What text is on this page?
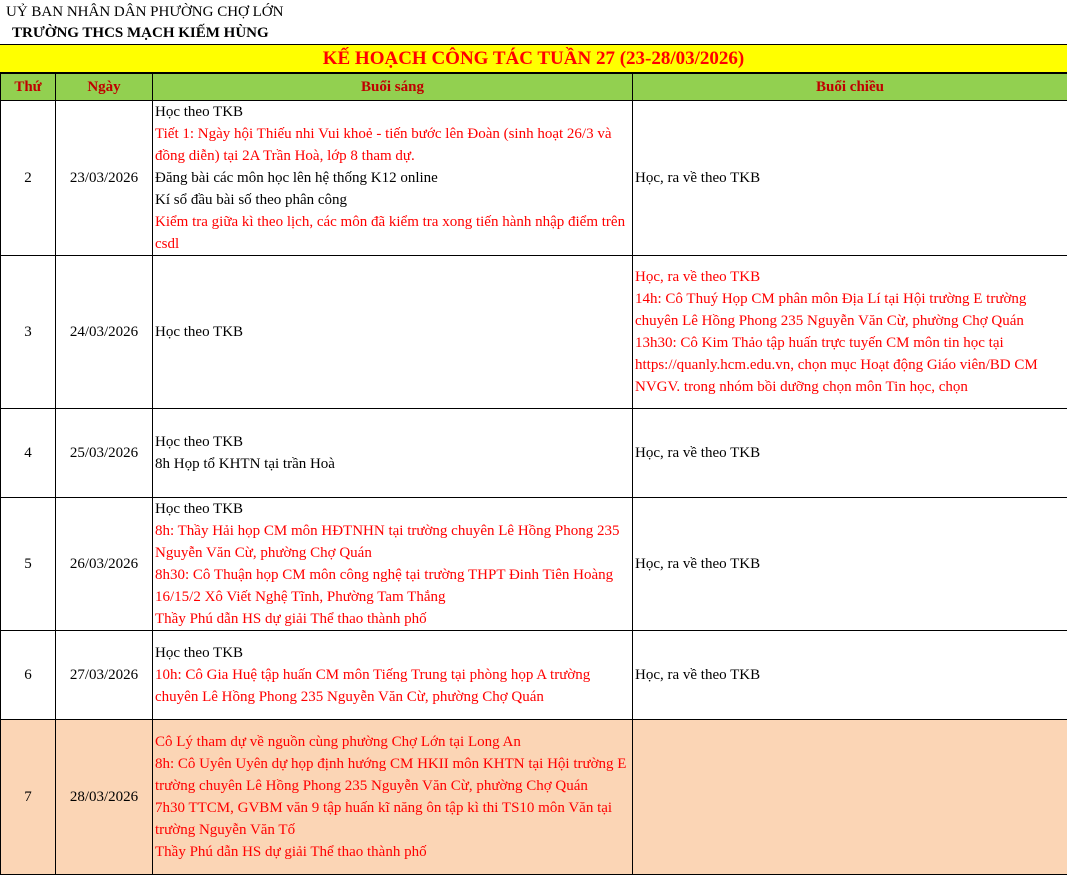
UỶ BAN NHÂN DÂN PHƯỜNG CHỢ LỚN
TRƯỜNG THCS MẠCH KIẾM HÙNG
KẾ HOẠCH CÔNG TÁC TUẦN 27 (23-28/03/2026)
Thứ	Ngày	Buổi sáng	Buổi chiều
2	23/03/2026	Học theo TKB
Tiết 1: Ngày hội Thiếu nhi Vui khoẻ - tiến bước lên Đoàn (sinh hoạt 26/3 và đồng diễn) tại 2A Trần Hoà, lớp 8 tham dự.
Đăng bài các môn học lên hệ thống K12 online
Kí sổ đầu bài số theo phân công
Kiểm tra giữa kì theo lịch, các môn đã kiểm tra xong tiến hành nhập điểm trên csdl	Học, ra về theo TKB

3	24/03/2026	Học theo TKB	Học, ra về theo TKB
14h: Cô Thuý Họp CM phân môn Địa Lí tại Hội trường E trường chuyên Lê Hồng Phong 235 Nguyễn Văn Cừ, phường Chợ Quán
13h30: Cô Kim Thảo tập huấn trực tuyến CM môn tin học tại https://quanly.hcm.edu.vn, chọn mục Hoạt động Giáo viên/BD CM NVGV. trong nhóm bồi dưỡng chọn môn Tin học, chọn

4	25/03/2026	Học theo TKB
8h Họp tổ KHTN tại trần Hoà	Học, ra về theo TKB

5	26/03/2026	Học theo TKB
8h: Thầy Hải họp CM môn HĐTNHN tại trường chuyên Lê Hồng Phong 235 Nguyễn Văn Cừ, phường Chợ Quán
8h30: Cô Thuận họp CM môn công nghệ tại trường THPT Đinh Tiên Hoàng 16/15/2 Xô Viết Nghệ Tĩnh, Phường Tam Thắng
Thầy Phú dẫn HS dự giải Thể thao thành phố	Học, ra về theo TKB

6	27/03/2026	Học theo TKB
10h: Cô Gia Huệ tập huấn CM môn Tiếng Trung tại phòng họp A trường chuyên Lê Hồng Phong 235 Nguyễn Văn Cừ, phường Chợ Quán	Học, ra về theo TKB

7	28/03/2026	Cô Lý tham dự về nguồn cùng phường Chợ Lớn tại Long An
8h: Cô Uyên Uyên dự họp định hướng CM HKII môn KHTN tại Hội trường E trường chuyên Lê Hồng Phong 235 Nguyễn Văn Cừ, phường Chợ Quán
7h30 TTCM, GVBM văn 9 tập huấn kĩ năng ôn tập kì thi TS10 môn Văn tại trường Nguyễn Văn Tố
Thầy Phú dẫn HS dự giải Thể thao thành phố	
